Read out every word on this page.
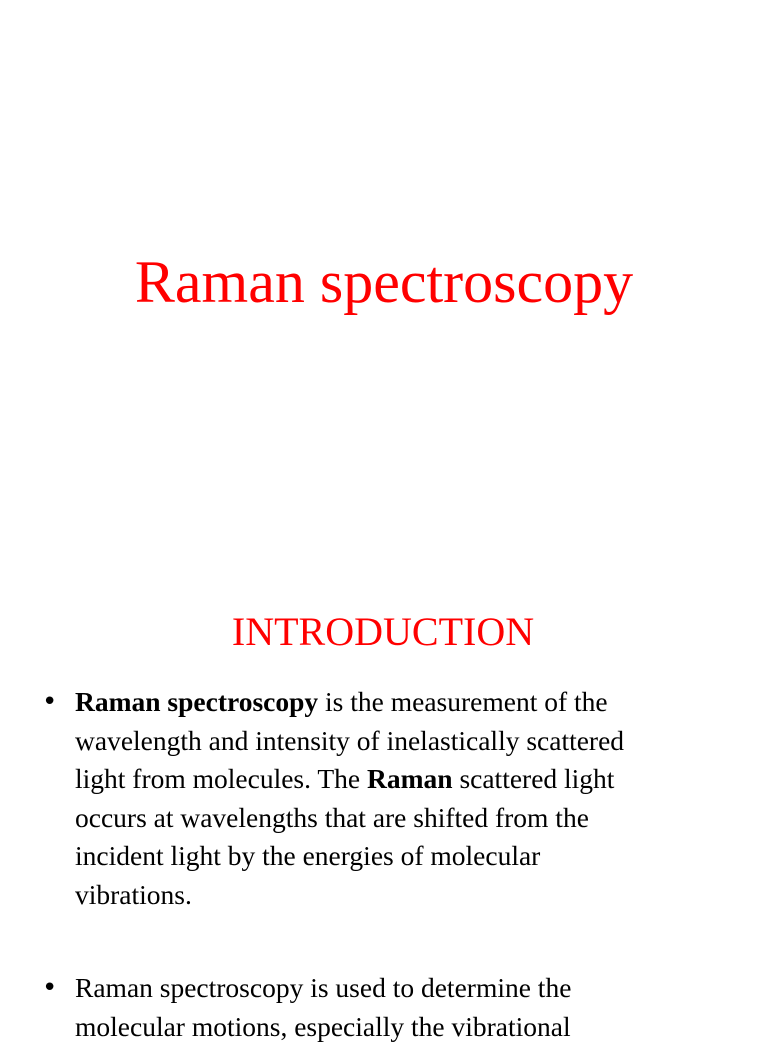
Raman spectroscopy
INTRODUCTION
• Raman spectroscopy is the measurement of the
wavelength and intensity of inelastically scattered
light from molecules. The Raman scattered light
occurs at wavelengths that are shifted from the
incident light by the energies of molecular
vibrations.
• Raman spectroscopy is used to determine the
molecular motions, especially the vibrational
